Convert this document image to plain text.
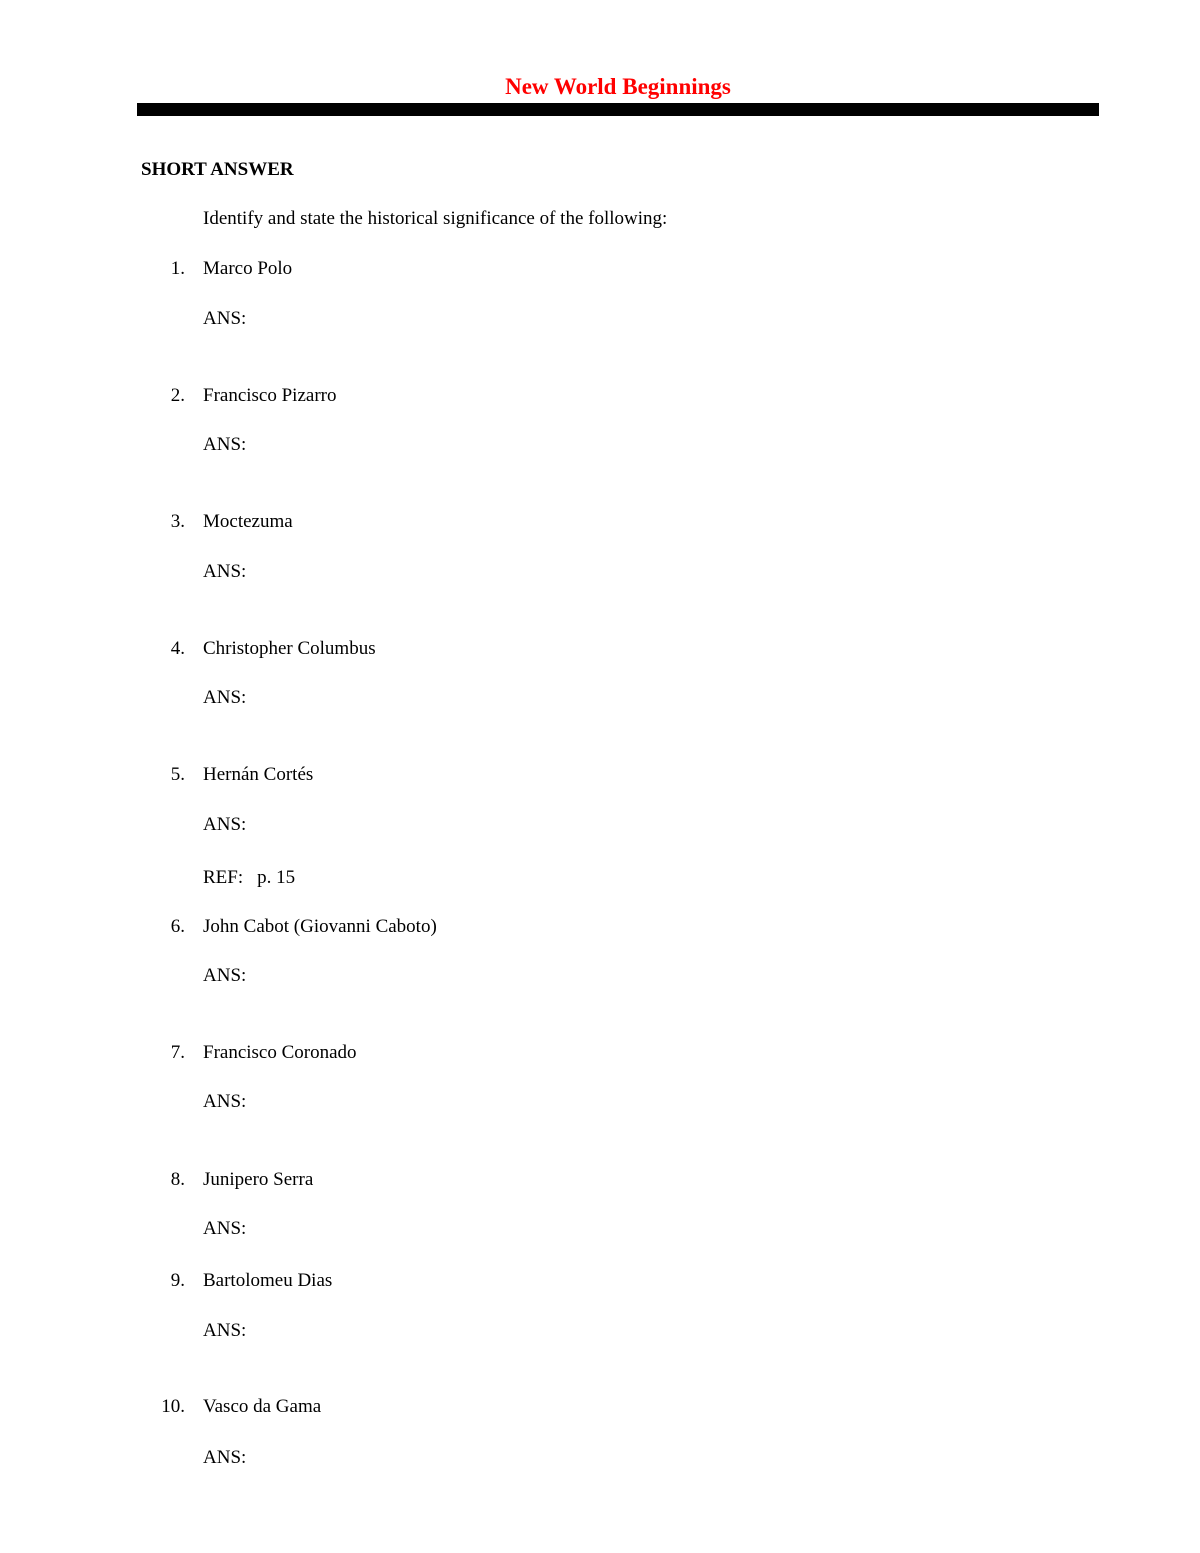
New World Beginnings
SHORT ANSWER
Identify and state the historical significance of the following:
1. Marco Polo
ANS:
2. Francisco Pizarro
ANS:
3. Moctezuma
ANS:
4. Christopher Columbus
ANS:
5. Hernán Cortés
ANS:
REF: p. 15
6. John Cabot (Giovanni Caboto)
ANS:
7. Francisco Coronado
ANS:
8. Junipero Serra
ANS:
9. Bartolomeu Dias
ANS:
10. Vasco da Gama
ANS:
